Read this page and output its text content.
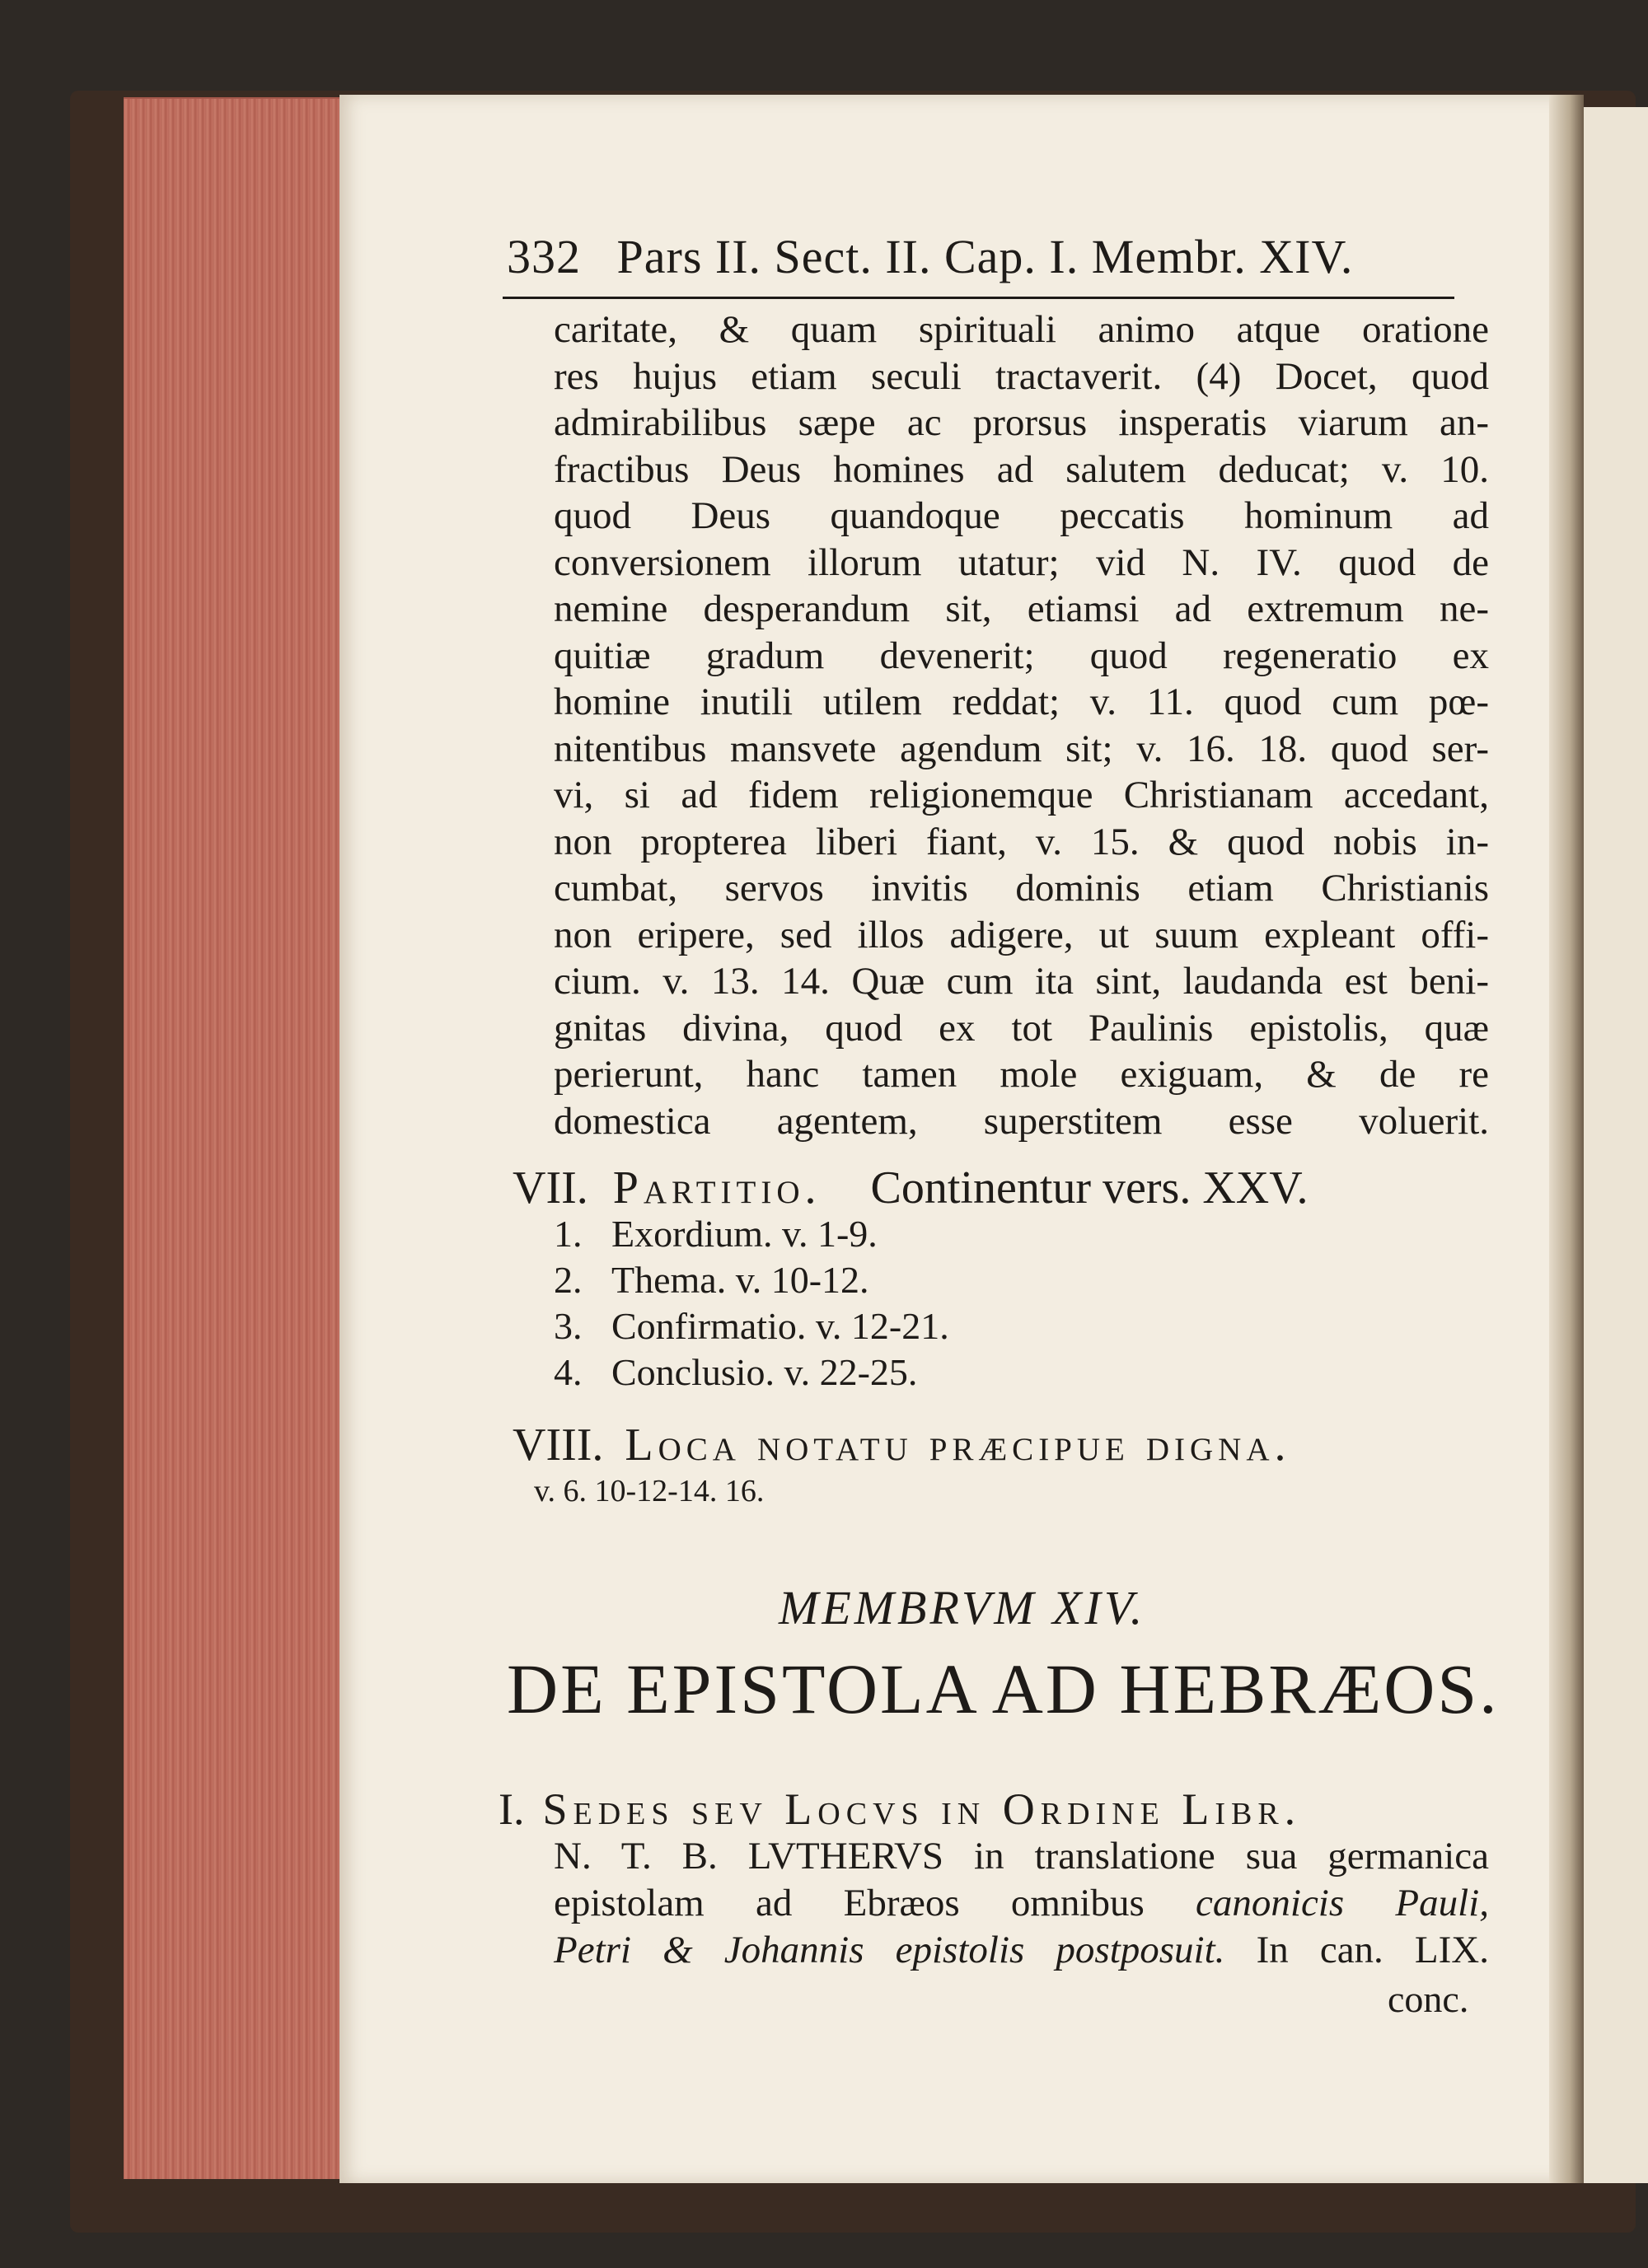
332 Pars II. Sect. II. Cap. I. Membr. XIV.
caritate, & quam spirituali animo atque oratione
res hujus etiam seculi tractaverit. (4) Docet, quod
admirabilibus sæpe ac prorsus insperatis viarum an-
fractibus Deus homines ad salutem deducat; v. 10.
quod Deus quandoque peccatis hominum ad
conversionem illorum utatur; vid N. IV. quod de
nemine desperandum sit, etiamsi ad extremum ne-
quitiæ gradum devenerit; quod regeneratio ex
homine inutili utilem reddat; v. 11. quod cum pœ-
nitentibus mansvete agendum sit; v. 16. 18. quod ser-
vi, si ad fidem religionemque Christianam accedant,
non propterea liberi fiant, v. 15. & quod nobis in-
cumbat, servos invitis dominis etiam Christianis
non eripere, sed illos adigere, ut suum expleant offi-
cium. v. 13. 14. Quæ cum ita sint, laudanda est beni-
gnitas divina, quod ex tot Paulinis epistolis, quæ
perierunt, hanc tamen mole exiguam, & de re
domestica agentem, superstitem esse voluerit.
VII. Partitio. Continentur vers. XXV.
1. Exordium. v. 1-9.
2. Thema. v. 10-12.
3. Confirmatio. v. 12-21.
4. Conclusio. v. 22-25.
VIII. Loca notatu præcipue digna.
v. 6. 10-12-14. 16.
MEMBRVM XIV.
DE EPISTOLA AD HEBRÆOS.
I. Sedes sev Locvs in Ordine Libr.
N. T. B. LVTHERVS in translatione sua germanica
epistolam ad Ebræos omnibus canonicis Pauli,
Petri & Johannis epistolis postposuit. In can. LIX.
conc.
